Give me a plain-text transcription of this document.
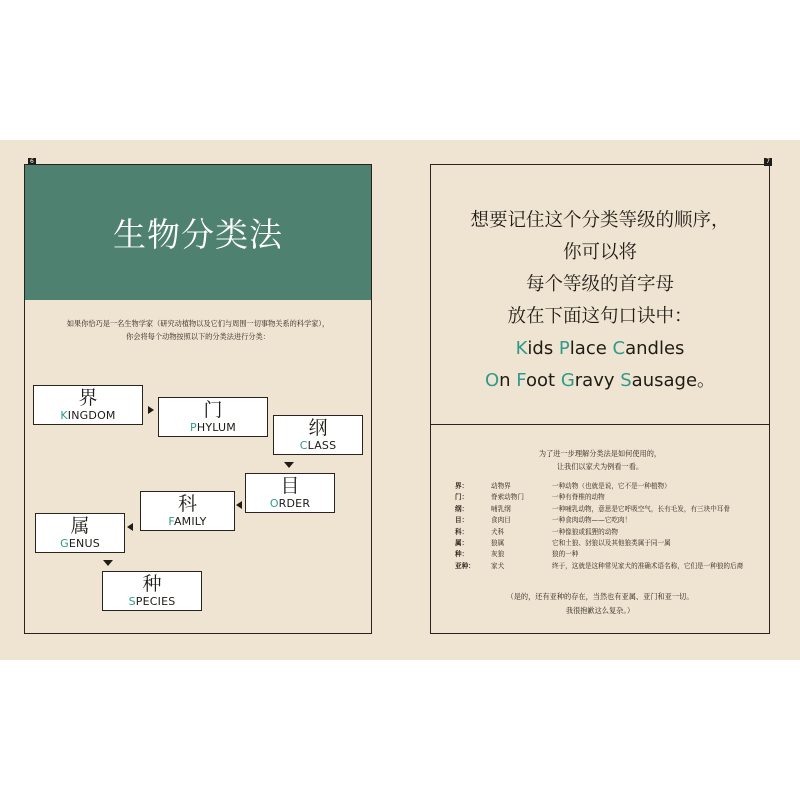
6
生物分类法
如果你恰巧是一名生物学家（研究动植物以及它们与周围一切事物关系的科学家），
你会将每个动物按照以下的分类法进行分类：
界
KINGDOM	门
PHYLUM	纲
CLASS
目
ORDER
科
FAMILY
属
GENUS
种
SPECIES
7
想要记住这个分类等级的顺序，
你可以将
每个等级的首字母
放在下面这句口诀中：
Kids Place Candles
On Foot Gravy Sausage。
为了进一步理解分类法是如何使用的，
让我们以家犬为例看一看。
界：	动物界	一种动物（也就是说，它不是一种植物）
门：	脊索动物门	一种有脊椎的动物
纲：	哺乳纲	一种哺乳动物，意思是它呼吸空气，长有毛发，有三块中耳骨
目：	食肉目	一种食肉动物——它吃肉！
科：	犬科	一种像狼或狐狸的动物
属：	狼属	它和土狼、豺狼以及其他狼类属于同一属
种：	灰狼	狼的一种
亚种：	家犬	终于，这就是这种常见家犬的准确术语名称，它们是一种狼的后裔
（是的，还有亚种的存在，当然也有亚属、亚门和亚一切。
我很抱歉这么复杂。）
